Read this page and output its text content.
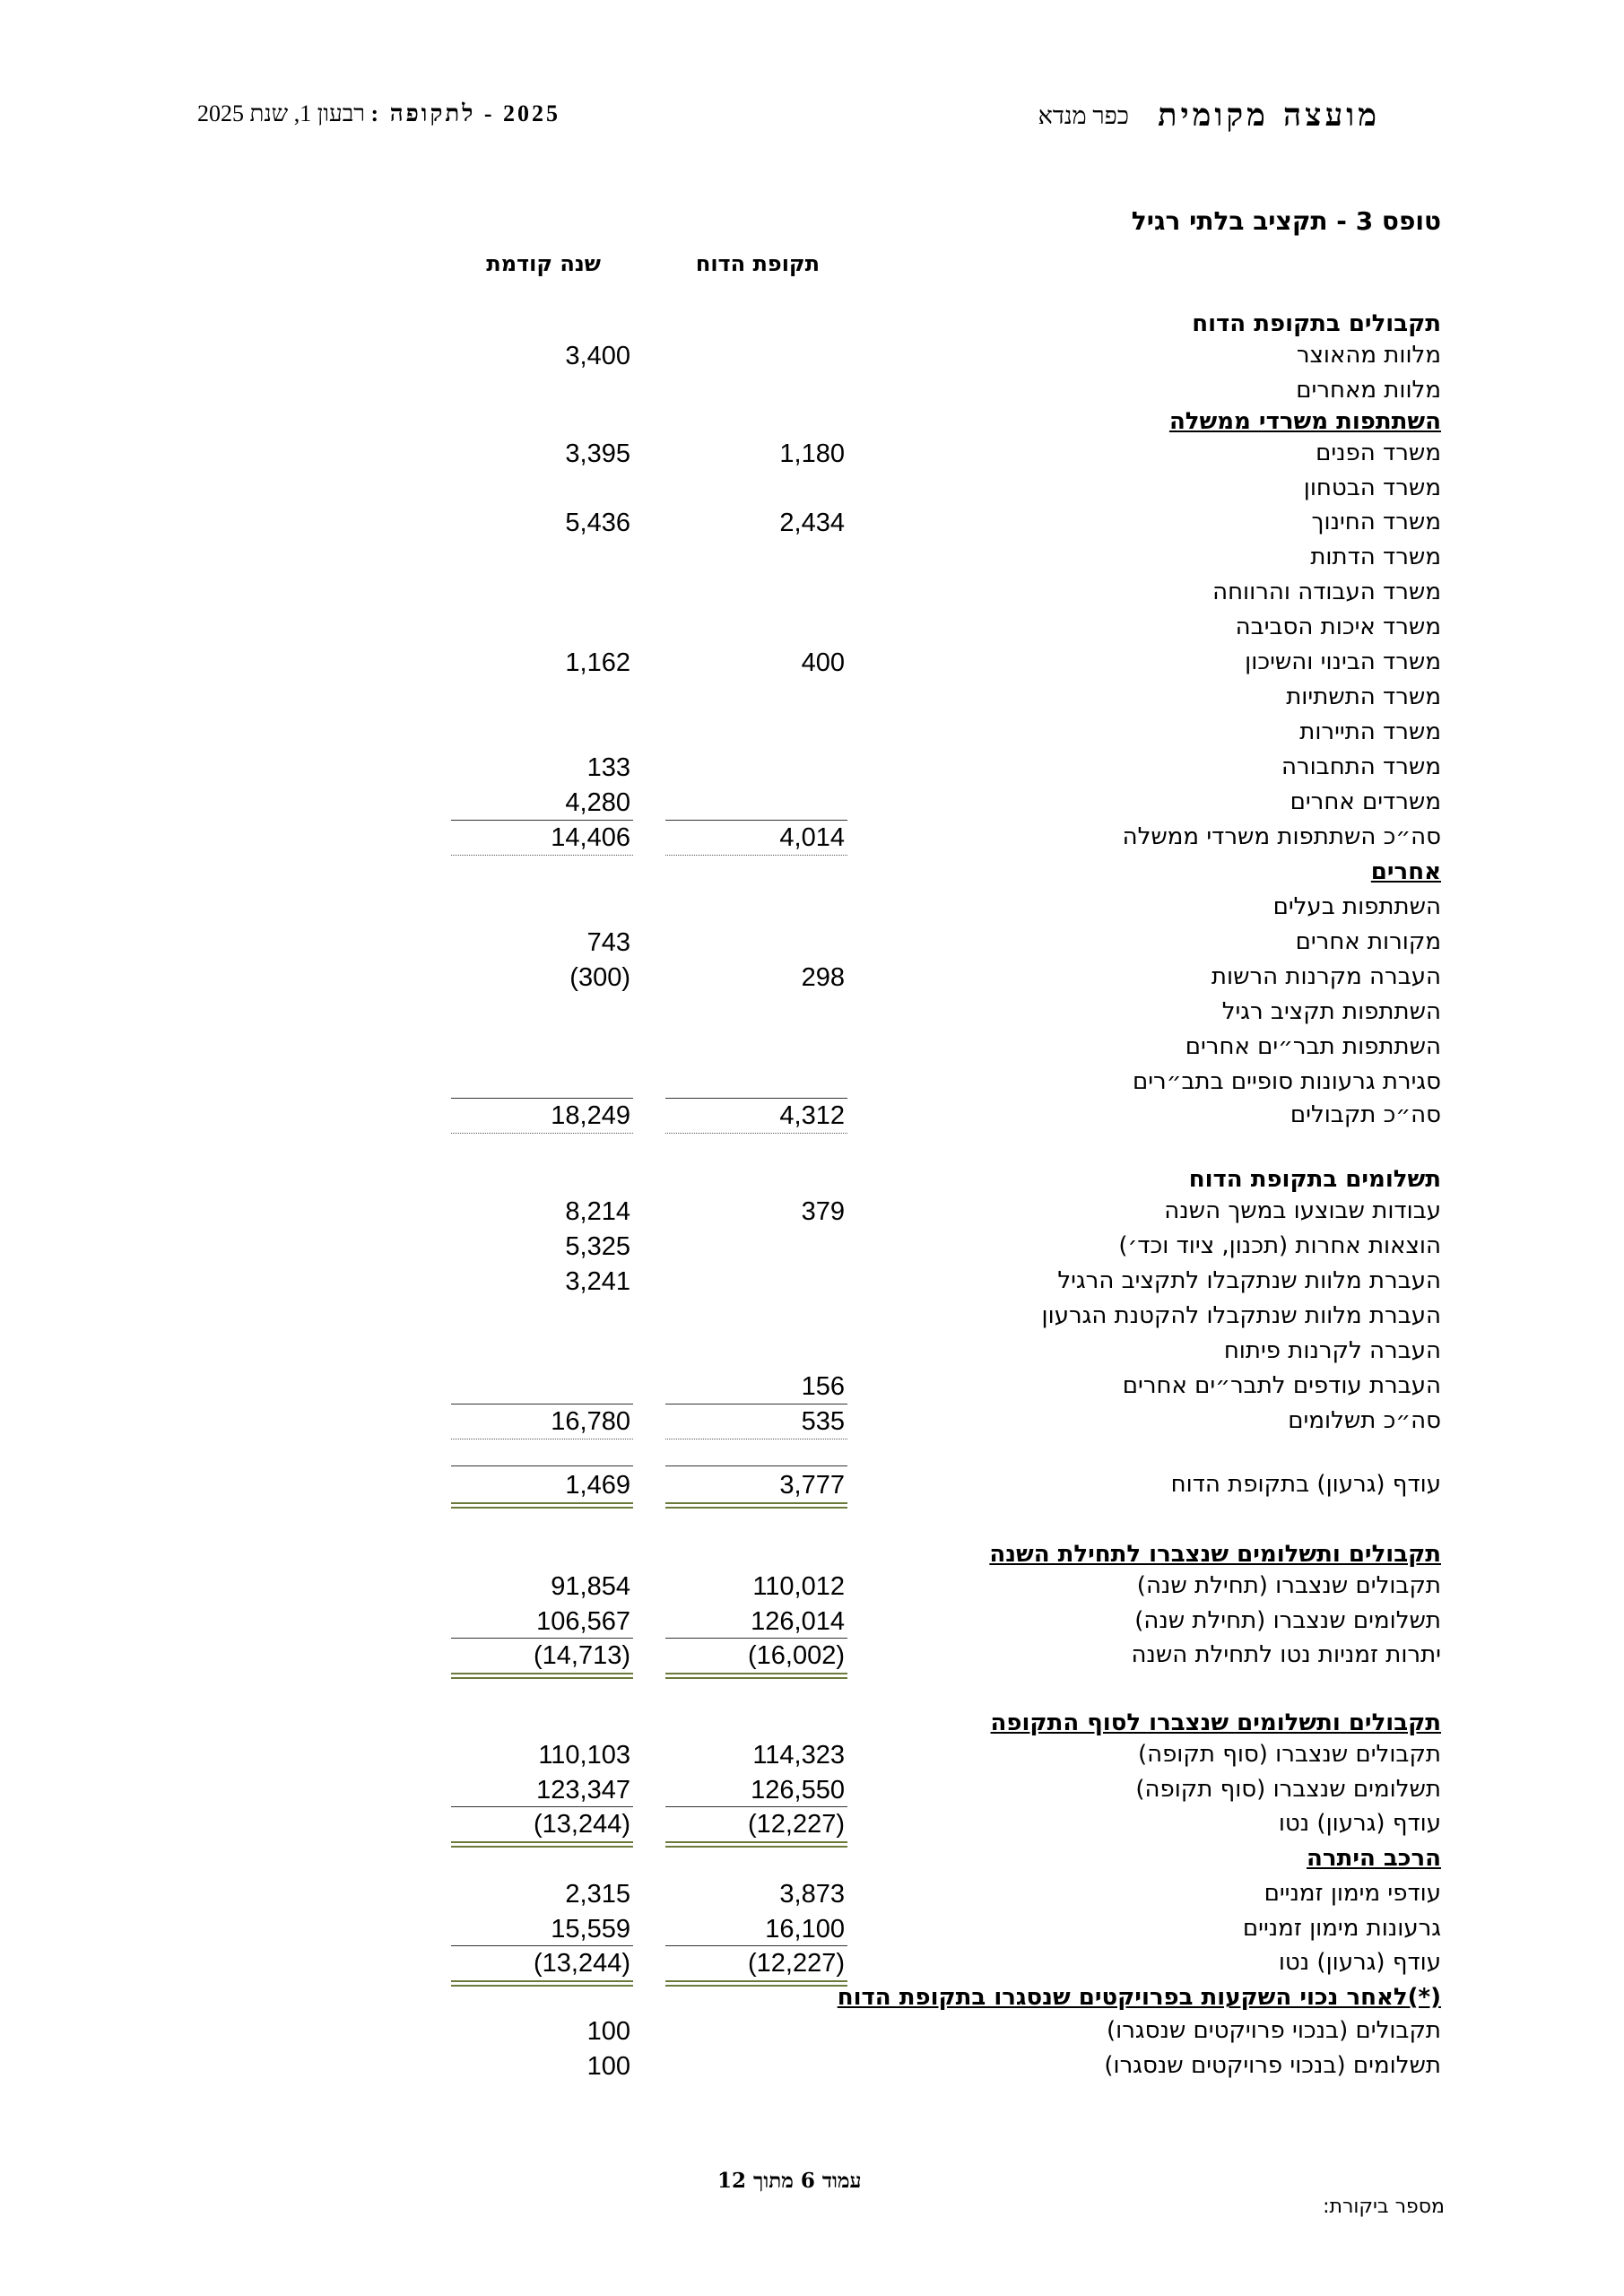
מועצה מקומית
כפר מנדא
2025 - לתקופה : רבעון 1, שנת 2025
טופס 3 - תקציב בלתי רגיל
תקופת הדוח
שנה קודמת
תקבולים בתקופת הדוח
מלוות מהאוצר
3,400
מלוות מאחרים
השתתפות משרדי ממשלה
משרד הפנים
1,180
3,395
משרד הבטחון
משרד החינוך
2,434
5,436
משרד הדתות
משרד העבודה והרווחה
משרד איכות הסביבה
משרד הבינוי והשיכון
400
1,162
משרד התשתיות
משרד התיירות
משרד התחבורה
133
משרדים אחרים
4,280
סה״כ השתתפות משרדי ממשלה
4,014
14,406
אחרים
השתתפות בעלים
מקורות אחרים
743
העברה מקרנות הרשות
298
(300)
השתתפות תקציב רגיל
השתתפות תבר״ים אחרים
סגירת גרעונות סופיים בתב״רים
סה״כ תקבולים
4,312
18,249
תשלומים בתקופת הדוח
עבודות שבוצעו במשך השנה
379
8,214
הוצאות אחרות (תכנון, ציוד וכד׳)
5,325
העברת מלוות שנתקבלו לתקציב הרגיל
3,241
העברת מלוות שנתקבלו להקטנת הגרעון
העברה לקרנות פיתוח
העברת עודפים לתבר״ים אחרים
156
סה״כ תשלומים
535
16,780
עודף (גרעון) בתקופת הדוח
3,777
1,469
תקבולים ותשלומים שנצברו לתחילת השנה
תקבולים שנצברו (תחילת שנה)
110,012
91,854
תשלומים שנצברו (תחילת שנה)
126,014
106,567
יתרות זמניות נטו לתחילת השנה
(16,002)
(14,713)
תקבולים ותשלומים שנצברו לסוף התקופה
תקבולים שנצברו (סוף תקופה)
114,323
110,103
תשלומים שנצברו (סוף תקופה)
126,550
123,347
עודף (גרעון) נטו
(12,227)
(13,244)
הרכב היתרה
עודפי מימון זמניים
3,873
2,315
גרעונות מימון זמניים
16,100
15,559
עודף (גרעון) נטו
(12,227)
(13,244)
(*)לאחר נכוי השקעות בפרויקטים שנסגרו בתקופת הדוח
תקבולים (בנכוי פרויקטים שנסגרו)
100
תשלומים (בנכוי פרויקטים שנסגרו)
100
עמוד 6 מתוך 12
מספר ביקורת:
